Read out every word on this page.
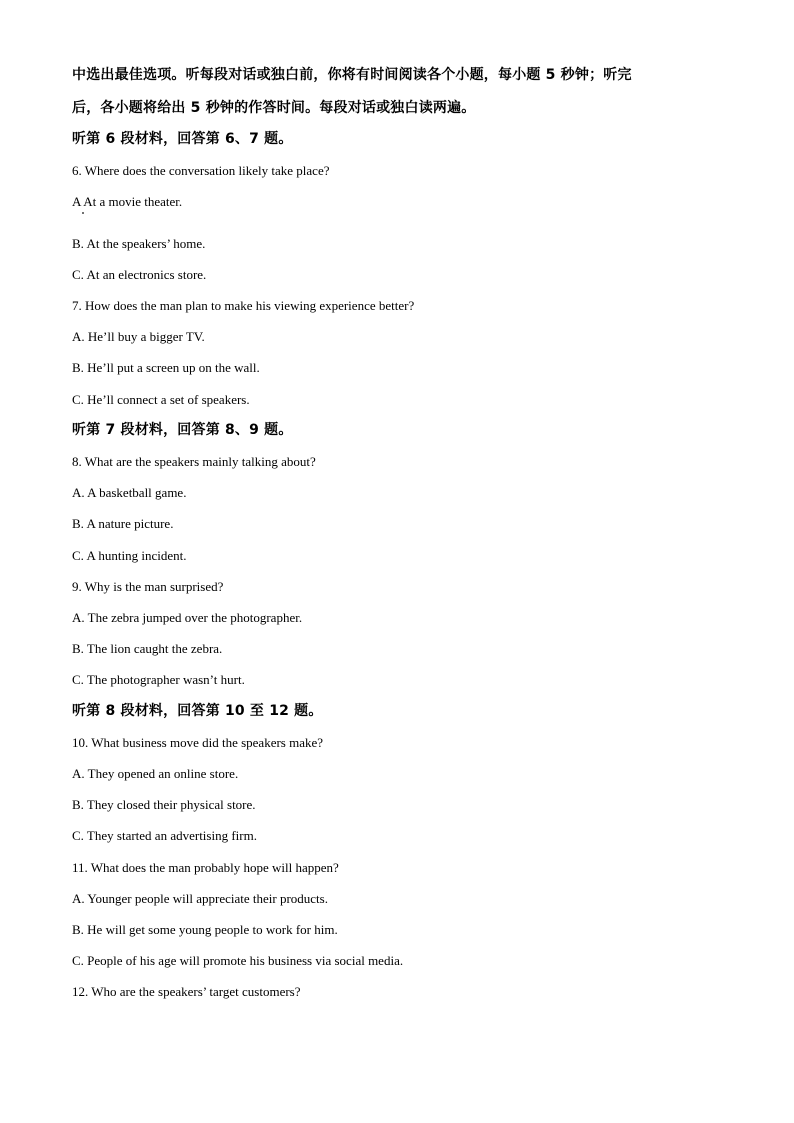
中选出最佳选项。听每段对话或独白前，你将有时间阅读各个小题，每小题 5 秒钟；听完
后，各小题将给出 5 秒钟的作答时间。每段对话或独白读两遍。
听第 6 段材料，回答第 6、7 题。
6. Where does the conversation likely take place?
A At a movie theater.
B. At the speakers’ home.
C. At an electronics store.
7. How does the man plan to make his viewing experience better?
A. He’ll buy a bigger TV.
B. He’ll put a screen up on the wall.
C. He’ll connect a set of speakers.
听第 7 段材料，回答第 8、9 题。
8. What are the speakers mainly talking about?
A. A basketball game.
B. A nature picture.
C. A hunting incident.
9. Why is the man surprised?
A. The zebra jumped over the photographer.
B. The lion caught the zebra.
C. The photographer wasn’t hurt.
听第 8 段材料，回答第 10 至 12 题。
10. What business move did the speakers make?
A. They opened an online store.
B. They closed their physical store.
C. They started an advertising firm.
11. What does the man probably hope will happen?
A. Younger people will appreciate their products.
B. He will get some young people to work for him.
C. People of his age will promote his business via social media.
12. Who are the speakers’ target customers?
